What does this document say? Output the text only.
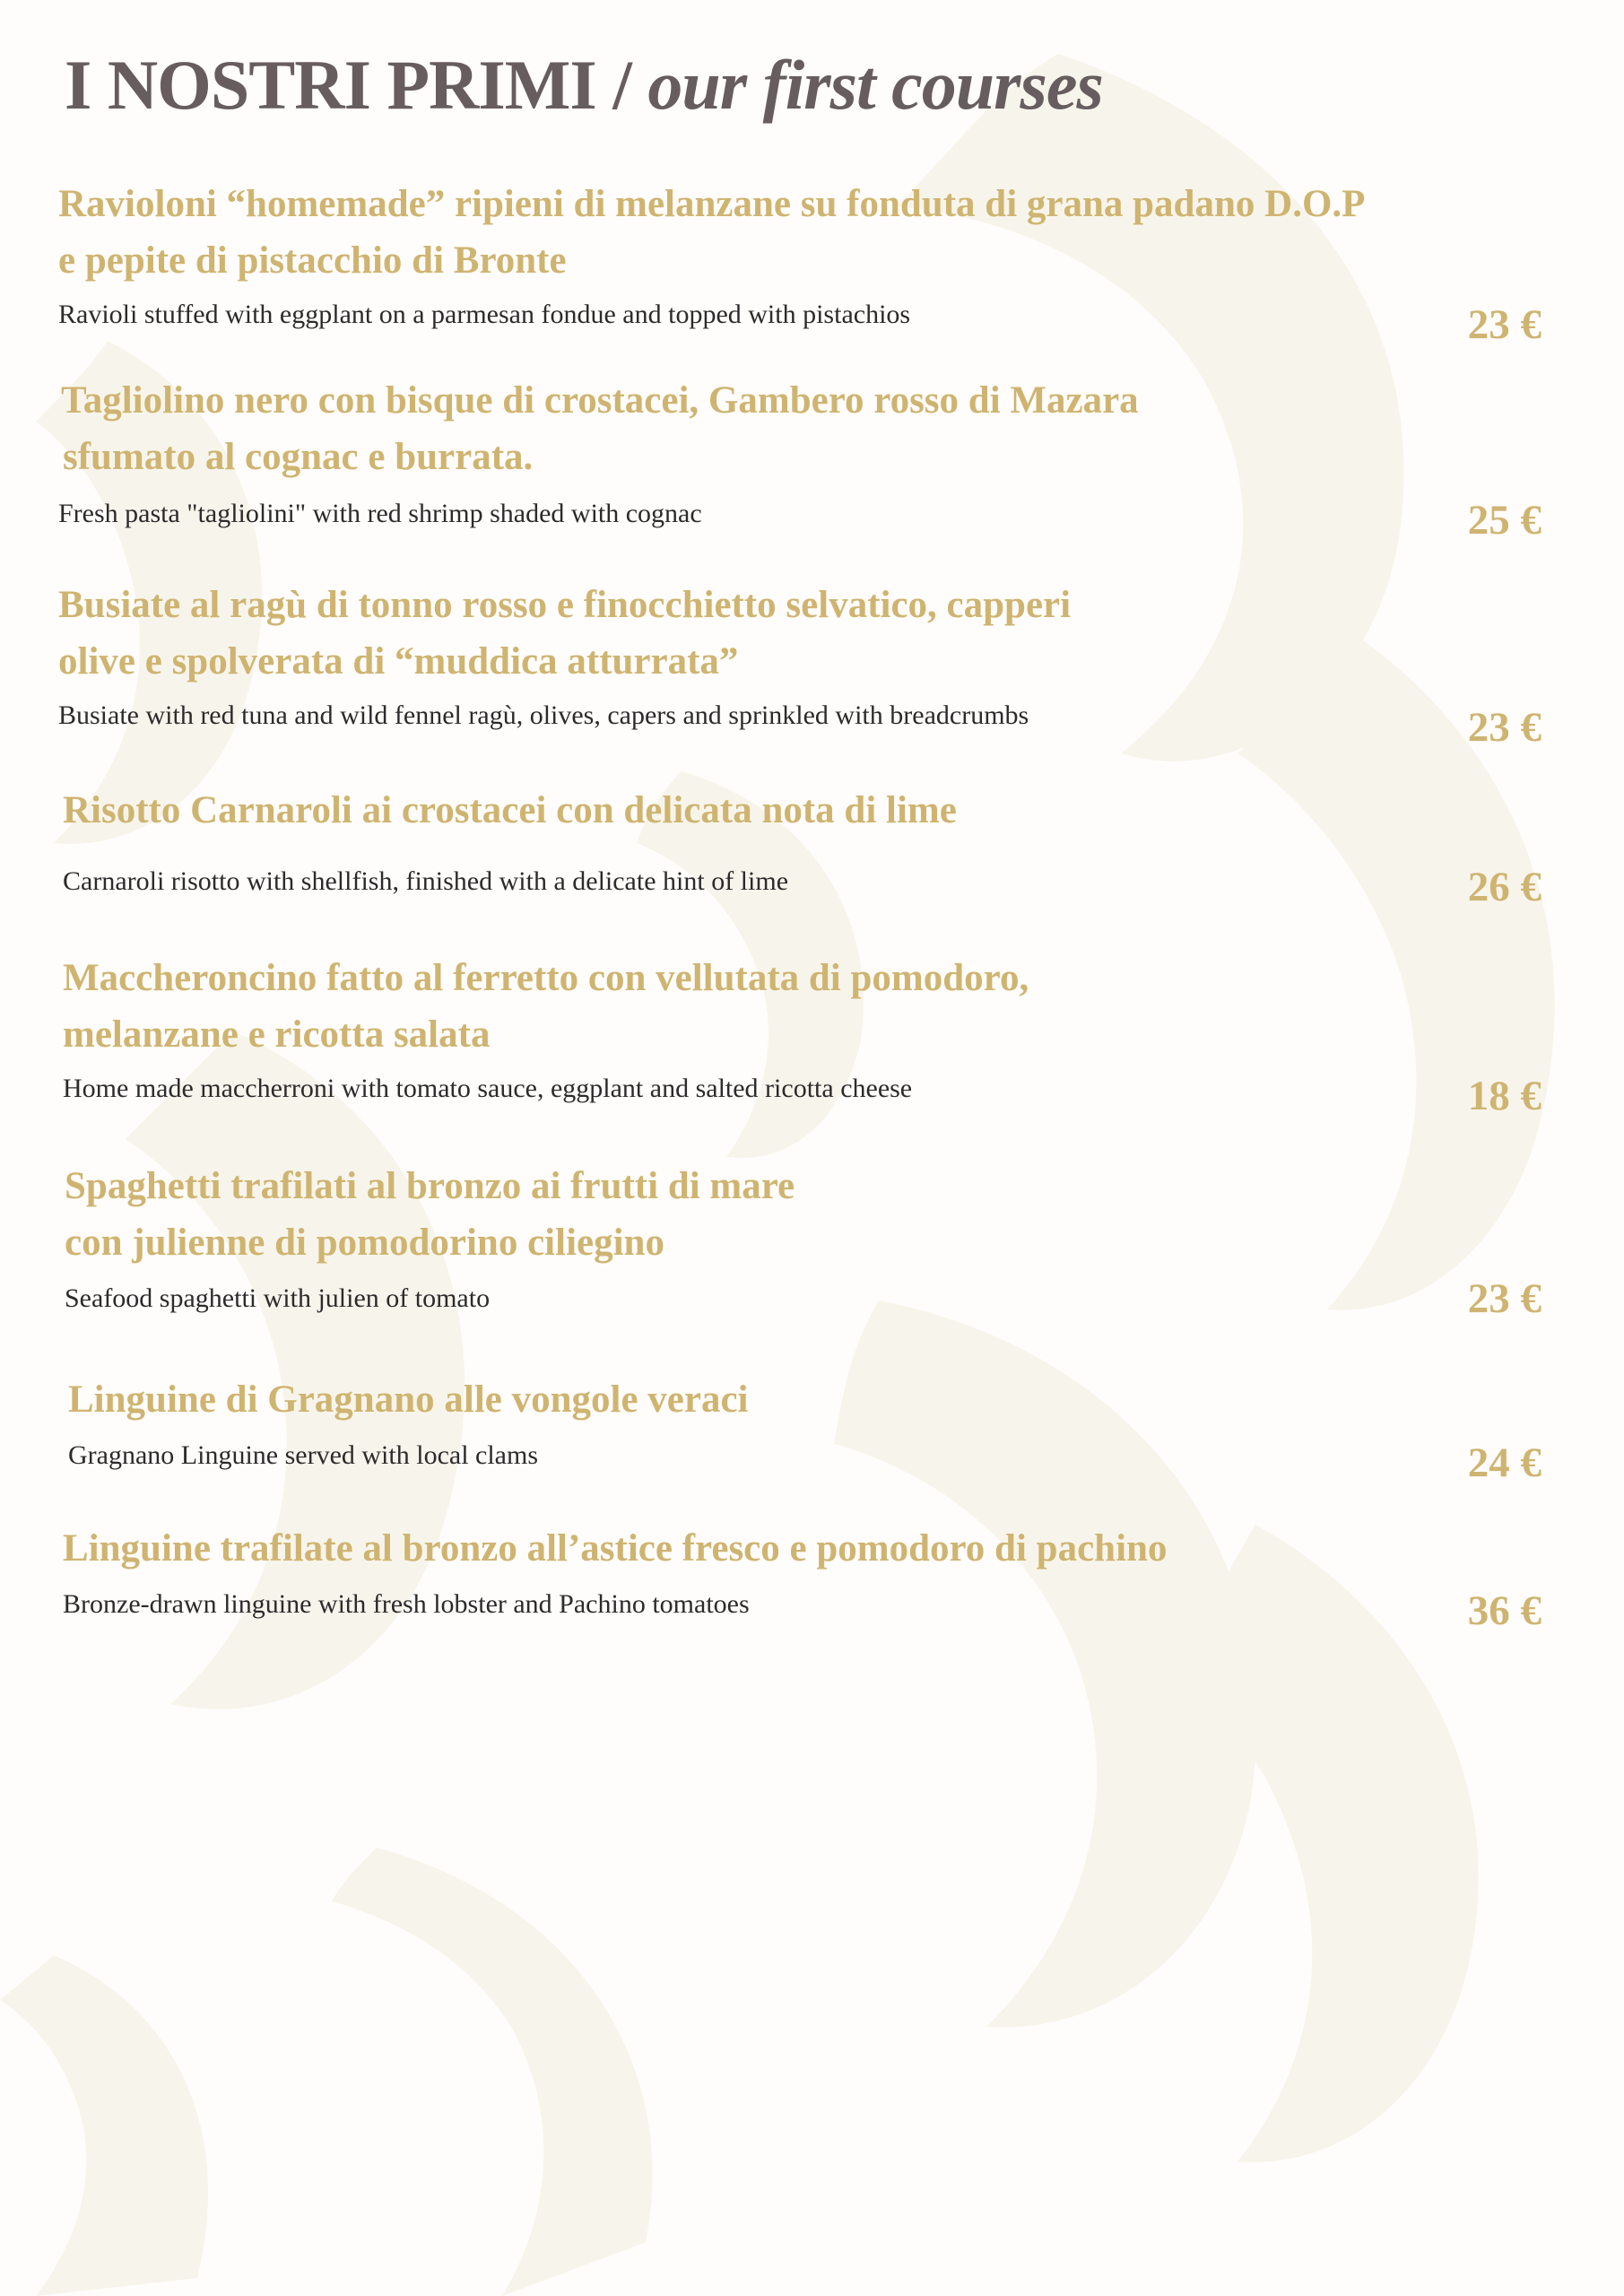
I NOSTRI PRIMI / our first courses

Ravioloni “homemade” ripieni di melanzane su fonduta di grana padano D.O.P

e pepite di pistacchio di Bronte

Ravioli stuffed with eggplant on a parmesan fondue and topped with pistachios	23 €

Tagliolino nero con bisque di crostacei, Gambero rosso di Mazara

sfumato al cognac e burrata.

Fresh pasta "tagliolini" with red shrimp shaded with cognac	25 €

Busiate al ragù di tonno rosso e finocchietto selvatico, capperi

olive e spolverata di “muddica atturrata”

Busiate with red tuna and wild fennel ragù, olives, capers and sprinkled with breadcrumbs	23 €

Risotto Carnaroli ai crostacei con delicata nota di lime

Carnaroli risotto with shellfish, finished with a delicate hint of lime	26 €

Maccheroncino fatto al ferretto con vellutata di pomodoro,

melanzane e ricotta salata

Home made maccherroni with tomato sauce, eggplant and salted ricotta cheese	18 €

Spaghetti trafilati al bronzo ai frutti di mare

con julienne di pomodorino ciliegino

Seafood spaghetti with julien of tomato	23 €

Linguine di Gragnano alle vongole veraci

Gragnano Linguine served with local clams	24 €

Linguine trafilate al bronzo all’astice fresco e pomodoro di pachino

Bronze-drawn linguine with fresh lobster and Pachino tomatoes	36 €
